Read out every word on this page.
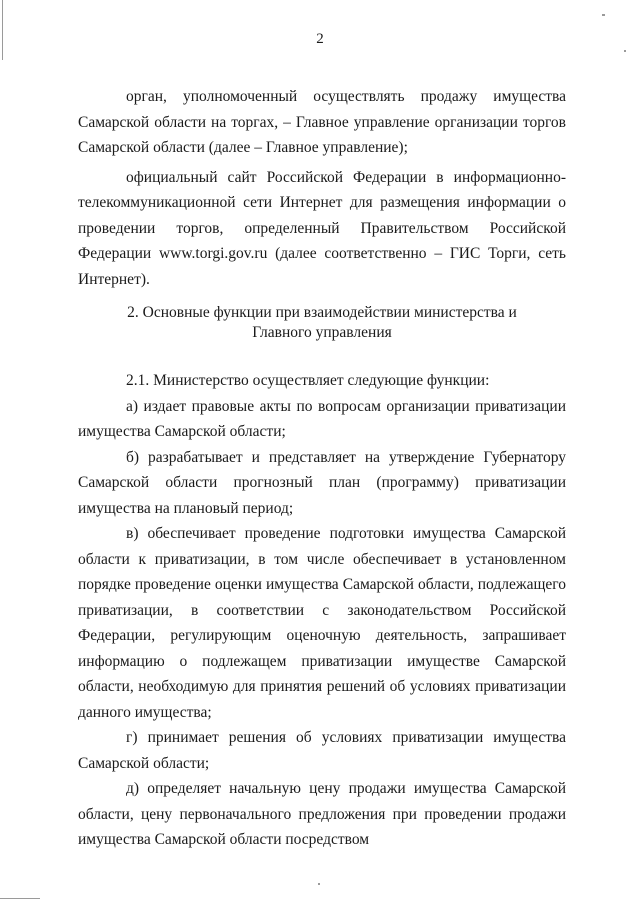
2

орган, уполномоченный осуществлять продажу имущества Самарской области на торгах, – Главное управление организации торгов Самарской области (далее – Главное управление);

официальный сайт Российской Федерации в информационно-телекоммуникационной сети Интернет для размещения информации о проведении торгов, определенный Правительством Российской Федерации www.torgi.gov.ru (далее соответственно – ГИС Торги, сеть Интернет).

2. Основные функции при взаимодействии министерства и
Главного управления

2.1. Министерство осуществляет следующие функции:

а) издает правовые акты по вопросам организации приватизации имущества Самарской области;

б) разрабатывает и представляет на утверждение Губернатору Самарской области прогнозный план (программу) приватизации имущества на плановый период;

в) обеспечивает проведение подготовки имущества Самарской области к приватизации, в том числе обеспечивает в установленном порядке проведение оценки имущества Самарской области, подлежащего приватизации, в соответствии с законодательством Российской Федерации, регулирующим оценочную деятельность, запрашивает информацию о подлежащем приватизации имуществе Самарской области, необходимую для принятия решений об условиях приватизации данного имущества;

г) принимает решения об условиях приватизации имущества Самарской области;

д) определяет начальную цену продажи имущества Самарской области, цену первоначального предложения при проведении продажи имущества Самарской области посредством
